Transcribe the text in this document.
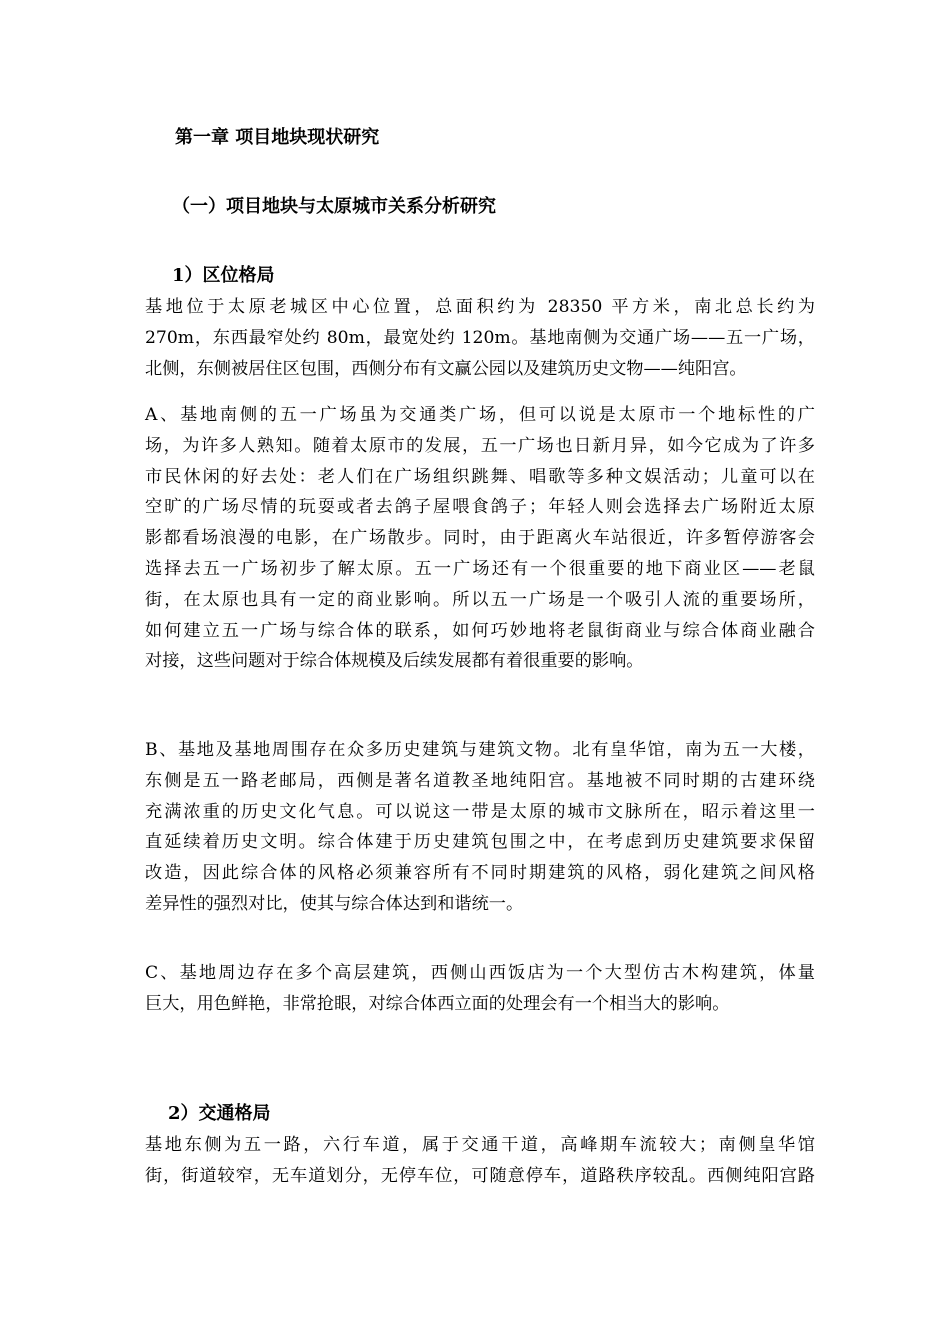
第一章 项目地块现状研究
（一）项目地块与太原城市关系分析研究
1）区位格局
基地位于太原老城区中心位置，总面积约为 28350 平方米，南北总长约为
270m，东西最窄处约 80m，最宽处约 120m。基地南侧为交通广场——五一广场，
北侧，东侧被居住区包围，西侧分布有文赢公园以及建筑历史文物——纯阳宫。
A、基地南侧的五一广场虽为交通类广场，但可以说是太原市一个地标性的广
场，为许多人熟知。随着太原市的发展，五一广场也日新月异，如今它成为了许多
市民休闲的好去处：老人们在广场组织跳舞、唱歌等多种文娱活动；儿童可以在
空旷的广场尽情的玩耍或者去鸽子屋喂食鸽子；年轻人则会选择去广场附近太原
影都看场浪漫的电影，在广场散步。同时，由于距离火车站很近，许多暂停游客会
选择去五一广场初步了解太原。五一广场还有一个很重要的地下商业区——老鼠
街，在太原也具有一定的商业影响。所以五一广场是一个吸引人流的重要场所，
如何建立五一广场与综合体的联系，如何巧妙地将老鼠街商业与综合体商业融合
对接，这些问题对于综合体规模及后续发展都有着很重要的影响。
B、基地及基地周围存在众多历史建筑与建筑文物。北有皇华馆，南为五一大楼，
东侧是五一路老邮局，西侧是著名道教圣地纯阳宫。基地被不同时期的古建环绕
充满浓重的历史文化气息。可以说这一带是太原的城市文脉所在，昭示着这里一
直延续着历史文明。综合体建于历史建筑包围之中，在考虑到历史建筑要求保留
改造，因此综合体的风格必须兼容所有不同时期建筑的风格，弱化建筑之间风格
差异性的强烈对比，使其与综合体达到和谐统一。
C、基地周边存在多个高层建筑，西侧山西饭店为一个大型仿古木构建筑，体量
巨大，用色鲜艳，非常抢眼，对综合体西立面的处理会有一个相当大的影响。
2）交通格局
基地东侧为五一路，六行车道，属于交通干道，高峰期车流较大；南侧皇华馆
街，街道较窄，无车道划分，无停车位，可随意停车，道路秩序较乱。西侧纯阳宫路
